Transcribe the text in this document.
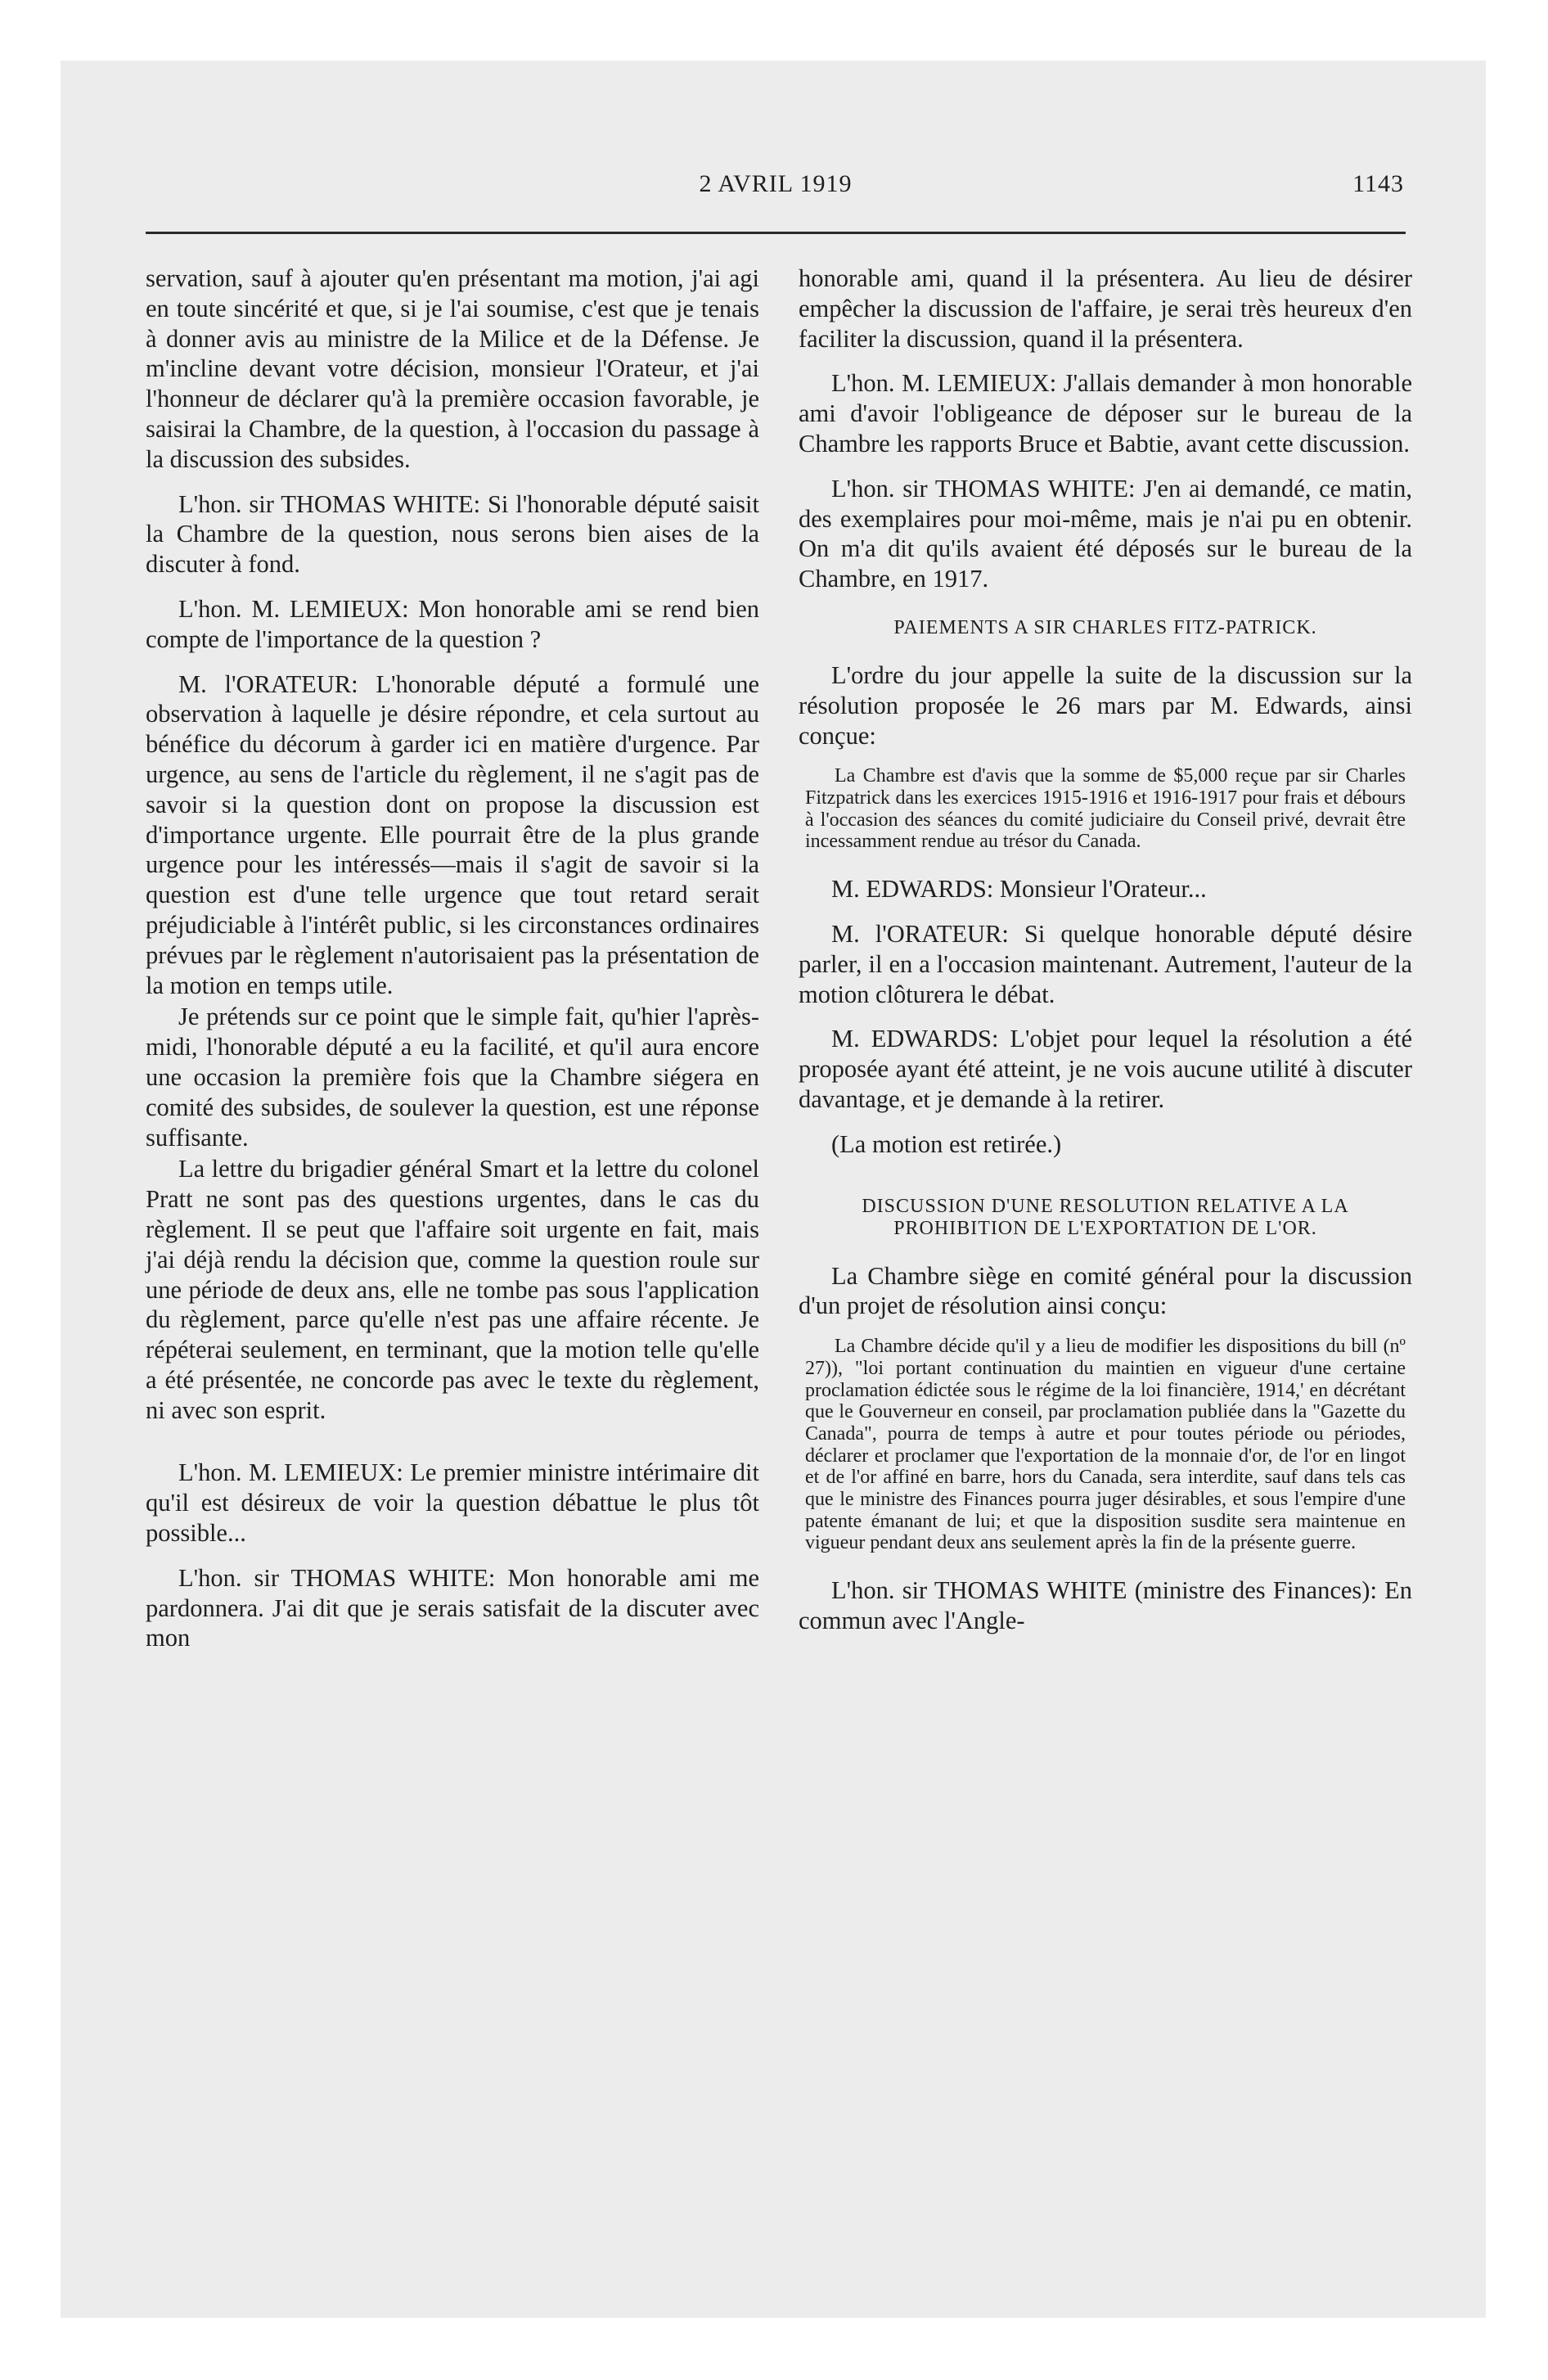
2 AVRIL 1919	1143

servation, sauf à ajouter qu'en présentant ma motion, j'ai agi en toute sincérité et que, si je l'ai soumise, c'est que je tenais à donner avis au ministre de la Milice et de la Défense. Je m'incline devant votre décision, monsieur l'Orateur, et j'ai l'honneur de déclarer qu'à la première occasion favorable, je saisirai la Chambre, de la question, à l'occasion du passage à la discussion des subsides.

L'hon. sir THOMAS WHITE: Si l'honorable député saisit la Chambre de la question, nous serons bien aises de la discuter à fond.

L'hon. M. LEMIEUX: Mon honorable ami se rend bien compte de l'importance de la question ?

M. l'ORATEUR: L'honorable député a formulé une observation à laquelle je désire répondre, et cela surtout au bénéfice du décorum à garder ici en matière d'urgence. Par urgence, au sens de l'article du règlement, il ne s'agit pas de savoir si la question dont on propose la discussion est d'importance urgente. Elle pourrait être de la plus grande urgence pour les intéressés—mais il s'agit de savoir si la question est d'une telle urgence que tout retard serait préjudiciable à l'intérêt public, si les circonstances ordinaires prévues par le règlement n'autorisaient pas la présentation de la motion en temps utile.

Je prétends sur ce point que le simple fait, qu'hier l'après-midi, l'honorable député a eu la facilité, et qu'il aura encore une occasion la première fois que la Chambre siégera en comité des subsides, de soulever la question, est une réponse suffisante.

La lettre du brigadier général Smart et la lettre du colonel Pratt ne sont pas des questions urgentes, dans le cas du règlement. Il se peut que l'affaire soit urgente en fait, mais j'ai déjà rendu la décision que, comme la question roule sur une période de deux ans, elle ne tombe pas sous l'application du règlement, parce qu'elle n'est pas une affaire récente. Je répéterai seulement, en terminant, que la motion telle qu'elle a été présentée, ne concorde pas avec le texte du règlement, ni avec son esprit.

L'hon. M. LEMIEUX: Le premier ministre intérimaire dit qu'il est désireux de voir la question débattue le plus tôt possible...

L'hon. sir THOMAS WHITE: Mon honorable ami me pardonnera. J'ai dit que je serais satisfait de la discuter avec mon

honorable ami, quand il la présentera. Au lieu de désirer empêcher la discussion de l'affaire, je serai très heureux d'en faciliter la discussion, quand il la présentera.

L'hon. M. LEMIEUX: J'allais demander à mon honorable ami d'avoir l'obligeance de déposer sur le bureau de la Chambre les rapports Bruce et Babtie, avant cette discussion.

L'hon. sir THOMAS WHITE: J'en ai demandé, ce matin, des exemplaires pour moi-même, mais je n'ai pu en obtenir. On m'a dit qu'ils avaient été déposés sur le bureau de la Chambre, en 1917.

PAIEMENTS A SIR CHARLES FITZ-PATRICK.

L'ordre du jour appelle la suite de la discussion sur la résolution proposée le 26 mars par M. Edwards, ainsi conçue:

La Chambre est d'avis que la somme de $5,000 reçue par sir Charles Fitzpatrick dans les exercices 1915-1916 et 1916-1917 pour frais et débours à l'occasion des séances du comité judiciaire du Conseil privé, devrait être incessamment rendue au trésor du Canada.

M. EDWARDS: Monsieur l'Orateur...

M. l'ORATEUR: Si quelque honorable député désire parler, il en a l'occasion maintenant. Autrement, l'auteur de la motion clôturera le débat.

M. EDWARDS: L'objet pour lequel la résolution a été proposée ayant été atteint, je ne vois aucune utilité à discuter davantage, et je demande à la retirer.

(La motion est retirée.)

DISCUSSION D'UNE RESOLUTION RELATIVE A LA PROHIBITION DE L'EXPORTATION DE L'OR.

La Chambre siège en comité général pour la discussion d'un projet de résolution ainsi conçu:

La Chambre décide qu'il y a lieu de modifier les dispositions du bill (nº 27)), "loi portant continuation du maintien en vigueur d'une certaine proclamation édictée sous le régime de la loi financière, 1914,' en décrétant que le Gouverneur en conseil, par proclamation publiée dans la "Gazette du Canada", pourra de temps à autre et pour toutes période ou périodes, déclarer et proclamer que l'exportation de la monnaie d'or, de l'or en lingot et de l'or affiné en barre, hors du Canada, sera interdite, sauf dans tels cas que le ministre des Finances pourra juger désirables, et sous l'empire d'une patente émanant de lui; et que la disposition susdite sera maintenue en vigueur pendant deux ans seulement après la fin de la présente guerre.

L'hon. sir THOMAS WHITE (ministre des Finances): En commun avec l'Angle-
